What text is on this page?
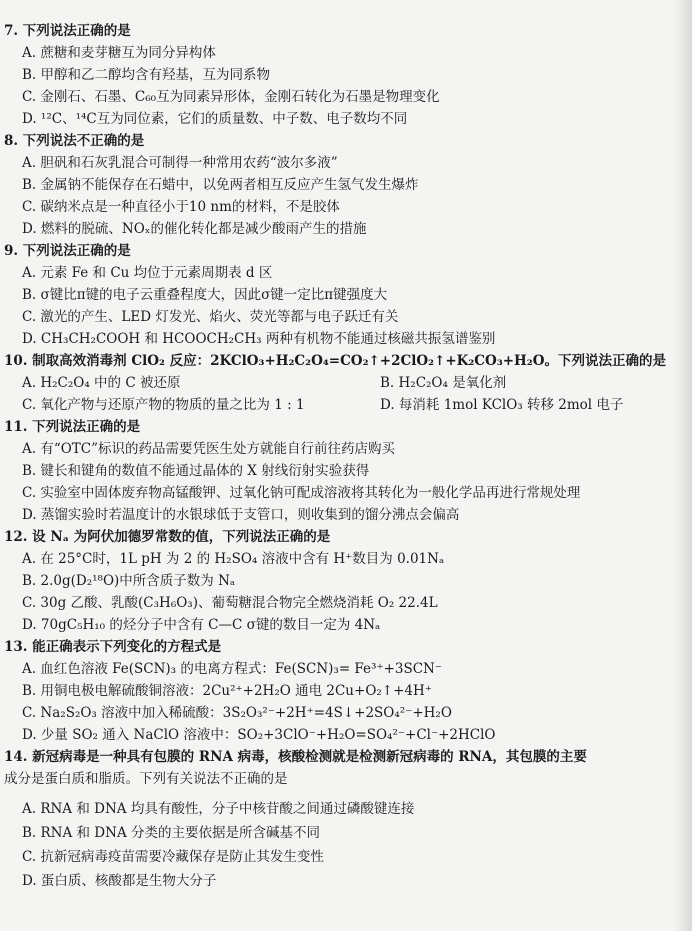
7. 下列说法正确的是
A. 蔗糖和麦芽糖互为同分异构体
B. 甲醇和乙二醇均含有羟基，互为同系物
C. 金刚石、石墨、C₆₀互为同素异形体，金刚石转化为石墨是物理变化
D. ¹²C、¹⁴C互为同位素，它们的质量数、中子数、电子数均不同
8. 下列说法不正确的是
A. 胆矾和石灰乳混合可制得一种常用农药“波尔多液”
B. 金属钠不能保存在石蜡中，以免两者相互反应产生氢气发生爆炸
C. 碳纳米点是一种直径小于10 nm的材料，不是胶体
D. 燃料的脱硫、NOₓ的催化转化都是减少酸雨产生的措施
9. 下列说法正确的是
A. 元素 Fe 和 Cu 均位于元素周期表 d 区
B. σ键比π键的电子云重叠程度大，因此σ键一定比π键强度大
C. 激光的产生、LED 灯发光、焰火、荧光等都与电子跃迁有关
D. CH₃CH₂COOH 和 HCOOCH₂CH₃ 两种有机物不能通过核磁共振氢谱鉴别
10. 制取高效消毒剂 ClO₂ 反应：2KClO₃+H₂C₂O₄=CO₂↑+2ClO₂↑+K₂CO₃+H₂O。下列说法正确的是
A. H₂C₂O₄ 中的 C 被还原	B. H₂C₂O₄ 是氧化剂
C. 氧化产物与还原产物的物质的量之比为 1 : 1	D. 每消耗 1mol KClO₃ 转移 2mol 电子
11. 下列说法正确的是
A. 有“OTC”标识的药品需要凭医生处方就能自行前往药店购买
B. 键长和键角的数值不能通过晶体的 X 射线衍射实验获得
C. 实验室中固体废弃物高锰酸钾、过氧化钠可配成溶液将其转化为一般化学品再进行常规处理
D. 蒸馏实验时若温度计的水银球低于支管口，则收集到的馏分沸点会偏高
12. 设 Nₐ 为阿伏加德罗常数的值，下列说法正确的是
A. 在 25°C时，1L pH 为 2 的 H₂SO₄ 溶液中含有 H⁺数目为 0.01Nₐ
B. 2.0g(D₂¹⁸O)中所含质子数为 Nₐ
C. 30g 乙酸、乳酸(C₃H₆O₃)、葡萄糖混合物完全燃烧消耗 O₂ 22.4L
D. 70gC₅H₁₀ 的烃分子中含有 C—C σ键的数目一定为 4Nₐ
13. 能正确表示下列变化的方程式是
A. 血红色溶液 Fe(SCN)₃ 的电离方程式：Fe(SCN)₃= Fe³⁺+3SCN⁻
B. 用铜电极电解硫酸铜溶液：2Cu²⁺+2H₂O 通电 2Cu+O₂↑+4H⁺
C. Na₂S₂O₃ 溶液中加入稀硫酸：3S₂O₃²⁻+2H⁺=4S↓+2SO₄²⁻+H₂O
D. 少量 SO₂ 通入 NaClO 溶液中：SO₂+3ClO⁻+H₂O=SO₄²⁻+Cl⁻+2HClO
14. 新冠病毒是一种具有包膜的 RNA 病毒，核酸检测就是检测新冠病毒的 RNA，其包膜的主要
成分是蛋白质和脂质。下列有关说法不正确的是
A. RNA 和 DNA 均具有酸性，分子中核苷酸之间通过磷酸键连接
B. RNA 和 DNA 分类的主要依据是所含碱基不同
C. 抗新冠病毒疫苗需要冷藏保存是防止其发生变性
D. 蛋白质、核酸都是生物大分子
